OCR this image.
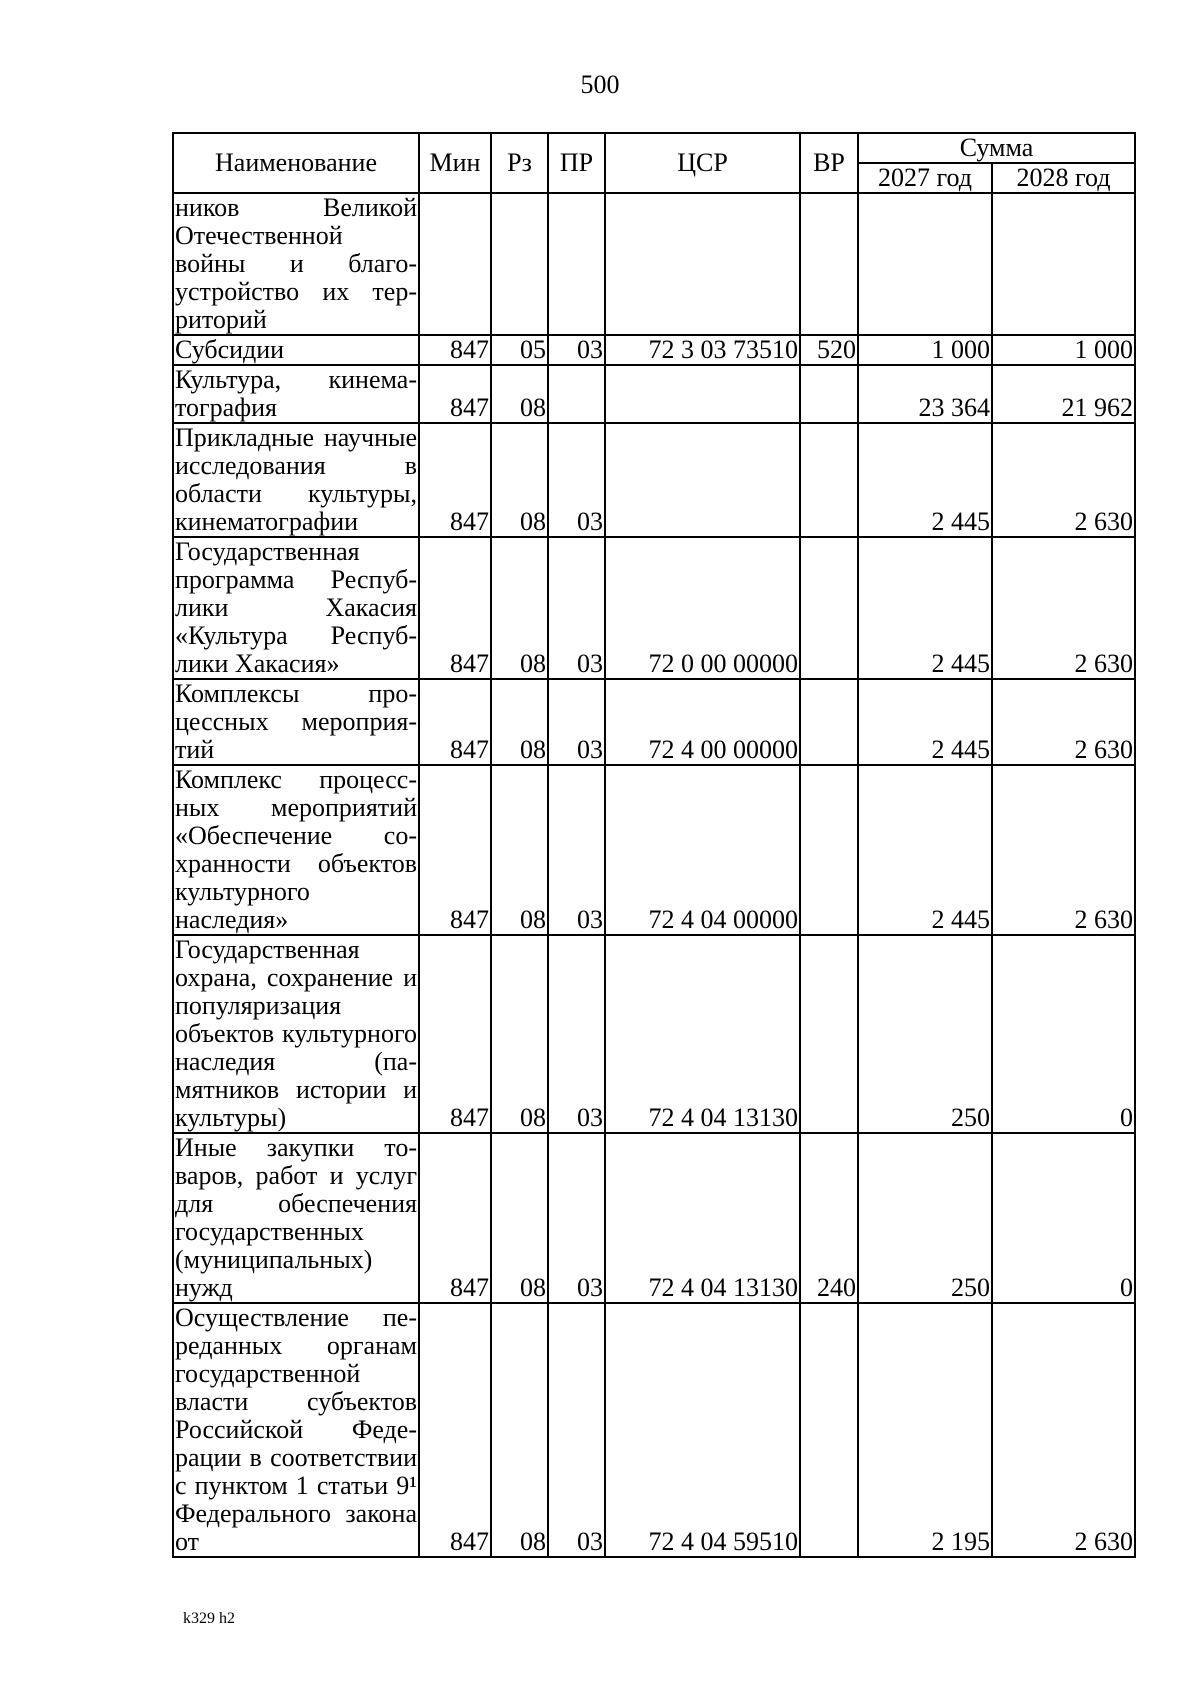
500
Наименование	Мин	Рз	ПР	ЦСР	ВР	Сумма	
						2027 год	2028 год
ников Великой Отечественной войны и благоустройство их территорий							
Субсидии	847	05	03	72 3 03 73510	520	1 000	1 000
Культура, кинематография	847	08				23 364	21 962
Прикладные научные исследования в области культуры, кинематографии	847	08	03			2 445	2 630
Государственная программа Республики Хакасия «Культура Республики Хакасия»	847	08	03	72 0 00 00000		2 445	2 630
Комплексы процессных мероприятий	847	08	03	72 4 00 00000		2 445	2 630
Комплекс процессных мероприятий «Обеспечение сохранности объектов культурного наследия»	847	08	03	72 4 04 00000		2 445	2 630
Государственная охрана, сохранение и популяризация объектов культурного наследия (памятников истории и культуры)	847	08	03	72 4 04 13130		250	0
Иные закупки товаров, работ и услуг для обеспечения государственных (муниципальных) нужд	847	08	03	72 4 04 13130	240	250	0
Осуществление переданных органам государственной власти субъектов Российской Федерации в соответствии с пунктом 1 статьи 9¹ Федерального закона от	847	08	03	72 4 04 59510		2 195	2 630
k329 h2
